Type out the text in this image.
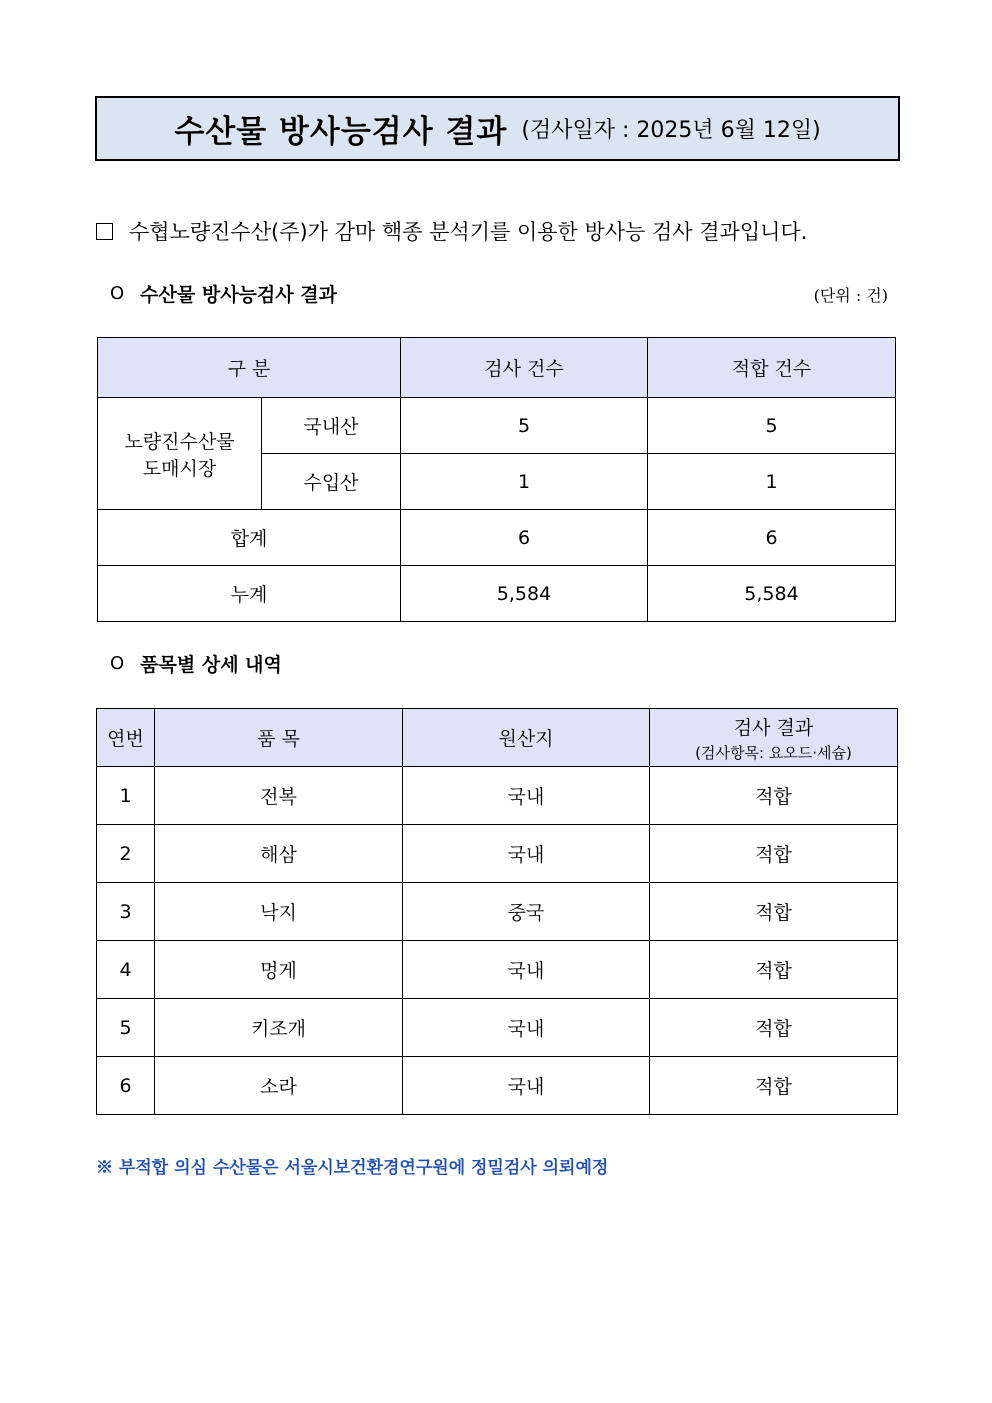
수산물 방사능검사 결과 (검사일자 : 2025년 6월 12일)
수협노량진수산(주)가 감마 핵종 분석기를 이용한 방사능 검사 결과입니다.
O 수산물 방사능검사 결과	(단위 : 건)
구 분		검사 건수	적합 건수
노량진수산물
도매시장	국내산	5	5
	수입산	1	1
합계		6	6
누계		5,584	5,584
O 품목별 상세 내역
연번	품 목	원산지	검사 결과
(검사항목: 요오드·세슘)

1	전복	국내	적합
2	해삼	국내	적합
3	낙지	중국	적합
4	멍게	국내	적합
5	키조개	국내	적합
6	소라	국내	적합
※ 부적합 의심 수산물은 서울시보건환경연구원에 정밀검사 의뢰예정
